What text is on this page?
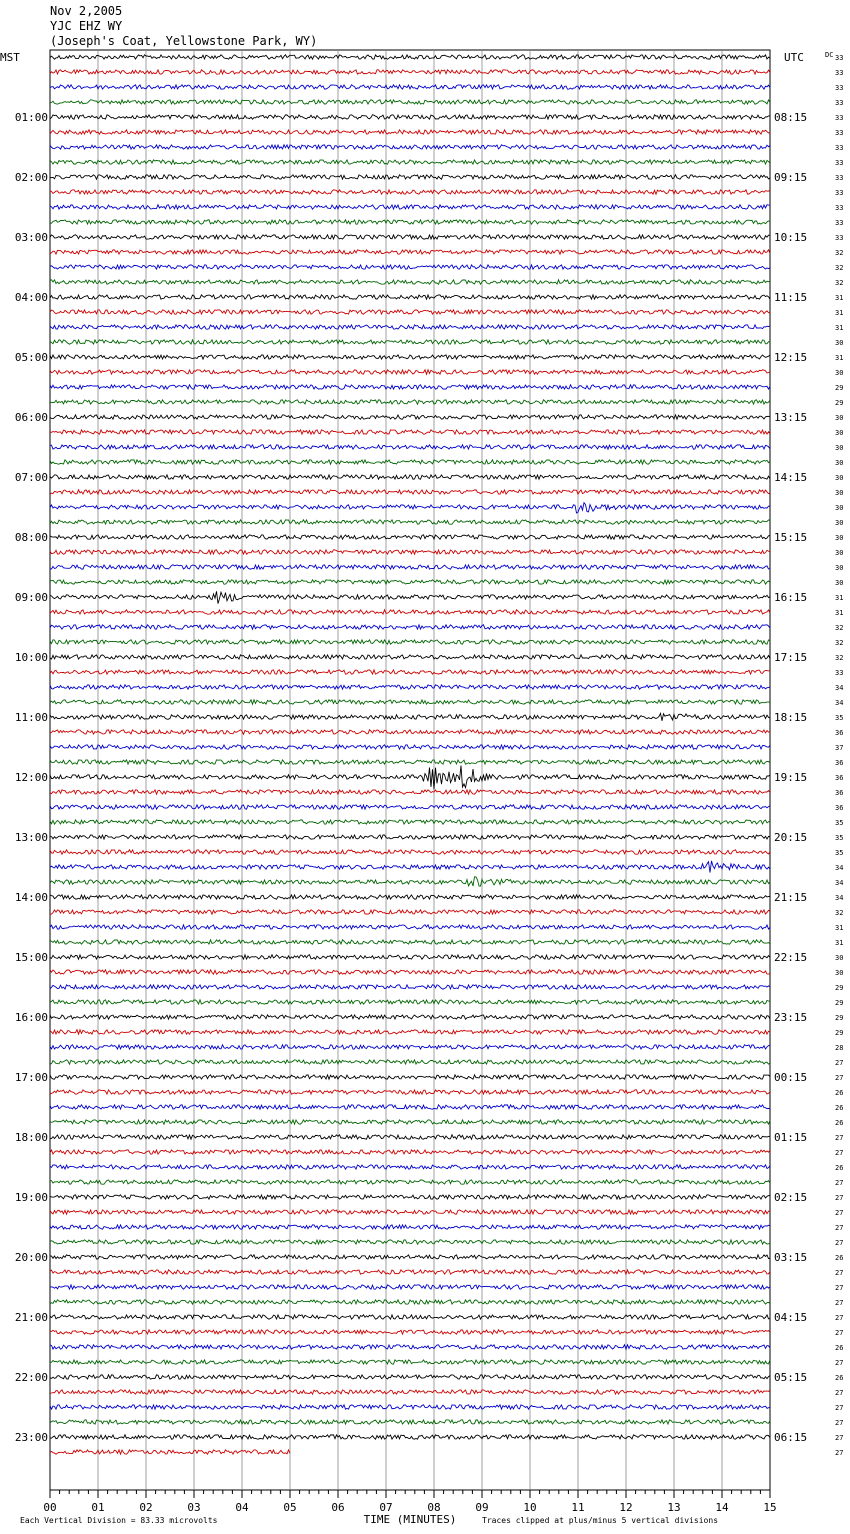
Nov 2,2005
YJC EHZ WY
(Joseph's Coat, Yellowstone Park, WY)
MST	UTC	DC
01:00
02:00
03:00
04:00
05:00
06:00
07:00
08:00
09:00
10:00
11:00
12:00
13:00
14:00
15:00
16:00
17:00
18:00
19:00
20:00
21:00
22:00
23:00
08:15
09:15
10:15
11:15
12:15
13:15
14:15
15:15
16:15
17:15
18:15
19:15
20:15
21:15
22:15
23:15
00:15
01:15
02:15
03:15
04:15
05:15
06:15
33
33
33
33
33
33
33
33
33
33
33
33
33
32
32
32
31
31
31
30
31
30
29
29
30
30
30
30
30
30
30
30
30
30
30
30
31
31
32
32
32
33
34
34
35
36
37
36
36
36
36
35
35
35
34
34
34
32
31
31
30
30
29
29
29
29
28
27
27
26
26
26
27
27
26
27
27
27
27
27
26
27
27
27
27
27
26
27
26
27
27
27
27
27
00	01	02	03	04	05	06	07	08	09	10	11	12	13	14	15
TIME (MINUTES)
Each Vertical Division = 83.33 microvolts	Traces clipped at plus/minus 5 vertical divisions
